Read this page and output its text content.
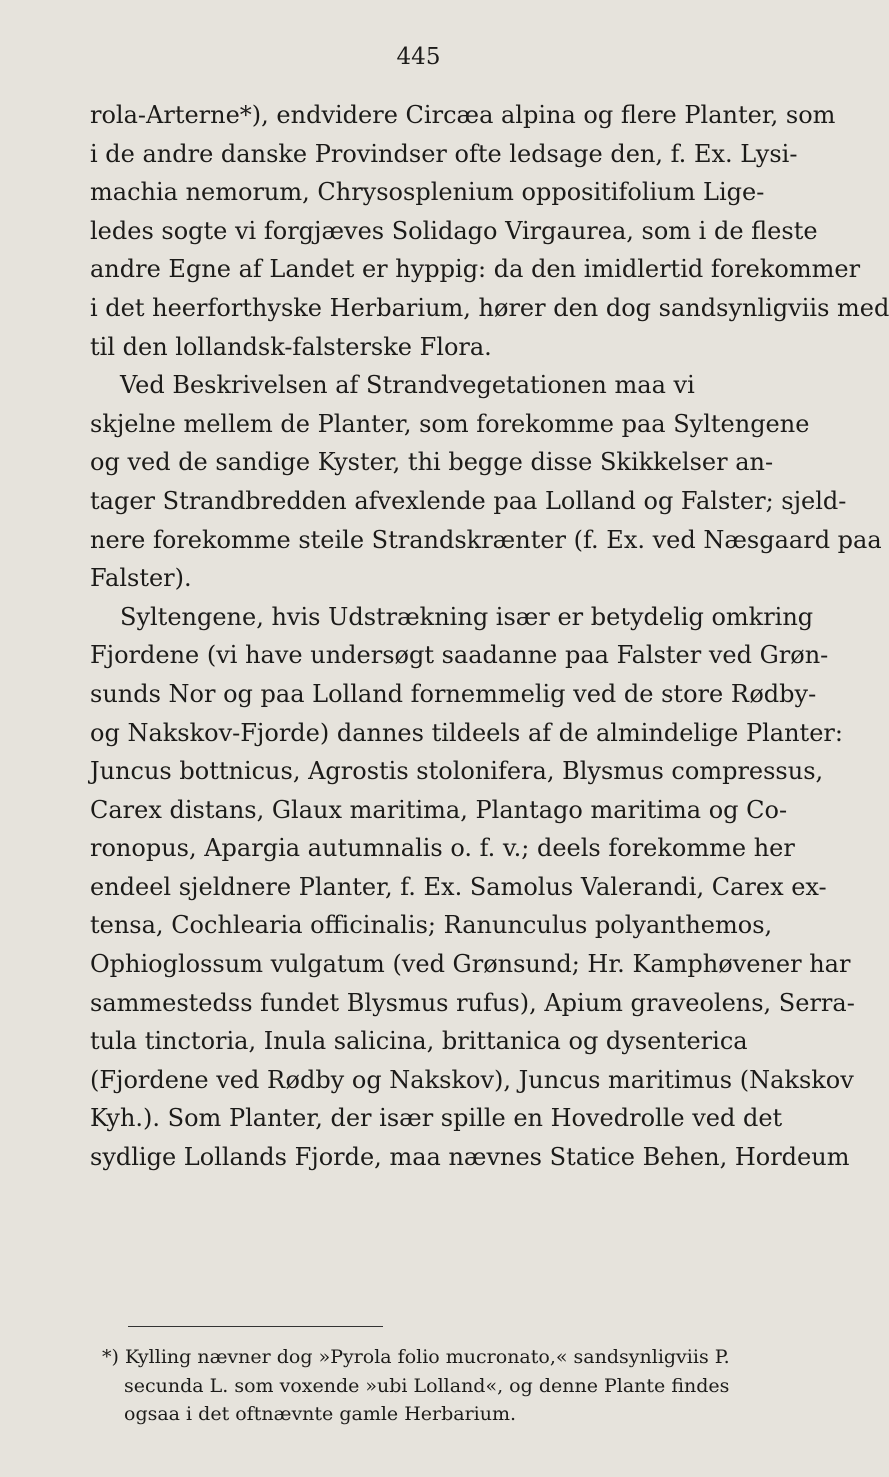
445
rola-Arterne*), endvidere Circæa alpina og flere Planter, som
i de andre danske Provindser ofte ledsage den, f. Ex. Lysi-
machia nemorum, Chrysosplenium oppositifolium Lige-
ledes sogte vi forgjæves Solidago Virgaurea, som i de fleste
andre Egne af Landet er hyppig: da den imidlertid forekommer
i det heerforthyske Herbarium, hører den dog sandsynligviis med
til den lollandsk-falsterske Flora.
Ved Beskrivelsen af Strandvegetationen maa vi
skjelne mellem de Planter, som forekomme paa Syltengene
og ved de sandige Kyster, thi begge disse Skikkelser an-
tager Strandbredden afvexlende paa Lolland og Falster; sjeld-
nere forekomme steile Strandskrænter (f. Ex. ved Næsgaard paa
Falster).
Syltengene, hvis Udstrækning især er betydelig omkring
Fjordene (vi have undersøgt saadanne paa Falster ved Grøn-
sunds Nor og paa Lolland fornemmelig ved de store Rødby-
og Nakskov-Fjorde) dannes tildeels af de almindelige Planter:
Juncus bottnicus, Agrostis stolonifera, Blysmus compressus,
Carex distans, Glaux maritima, Plantago maritima og Co-
ronopus, Apargia autumnalis o. f. v.; deels forekomme her
endeel sjeldnere Planter, f. Ex. Samolus Valerandi, Carex ex-
tensa, Cochlearia officinalis; Ranunculus polyanthemos,
Ophioglossum vulgatum (ved Grønsund; Hr. Kamphøvener har
sammestedss fundet Blysmus rufus), Apium graveolens, Serra-
tula tinctoria, Inula salicina, brittanica og dysenterica
(Fjordene ved Rødby og Nakskov), Juncus maritimus (Nakskov
Kyh.). Som Planter, der især spille en Hovedrolle ved det
sydlige Lollands Fjorde, maa nævnes Statice Behen, Hordeum
*) Kylling nævner dog »Pyrola folio mucronato,« sandsynligviis P.
secunda L. som voxende »ubi Lolland«, og denne Plante findes
ogsaa i det oftnævnte gamle Herbarium.
